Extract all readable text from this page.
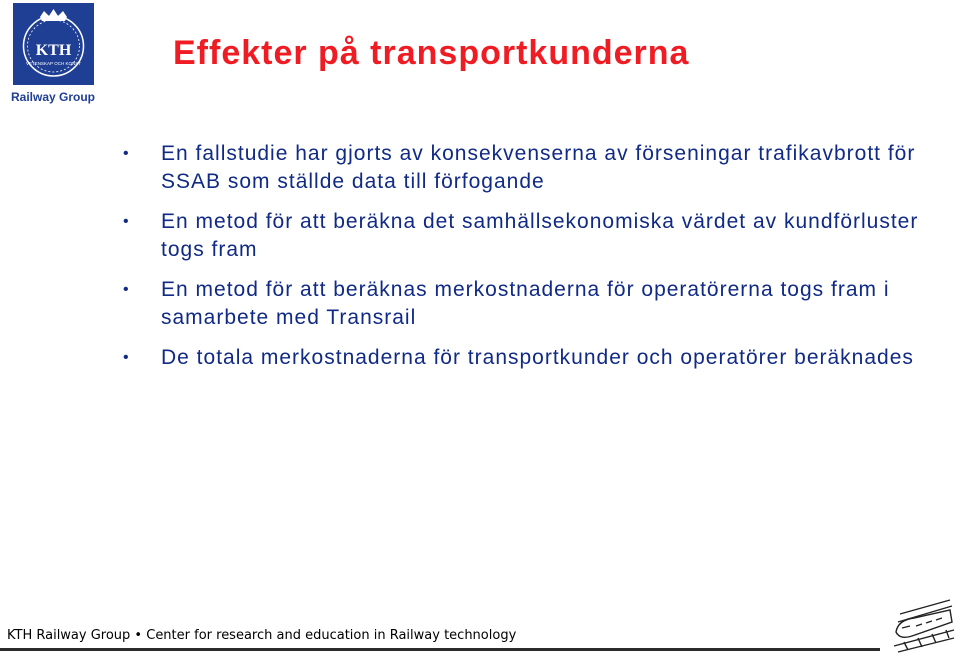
KTH
VETENSKAP OCH KONST
Railway Group
Effekter på transportkunderna
• En fallstudie har gjorts av konsekvenserna av förseningar trafikavbrott för SSAB som ställde data till förfogande
• En metod för att beräkna det samhällsekonomiska värdet av kundförluster togs fram
• En metod för att beräknas merkostnaderna för operatörerna togs fram i samarbete med Transrail
• De totala merkostnaderna för transportkunder och operatörer beräknades
KTH Railway Group • Center for research and education in Railway technology
